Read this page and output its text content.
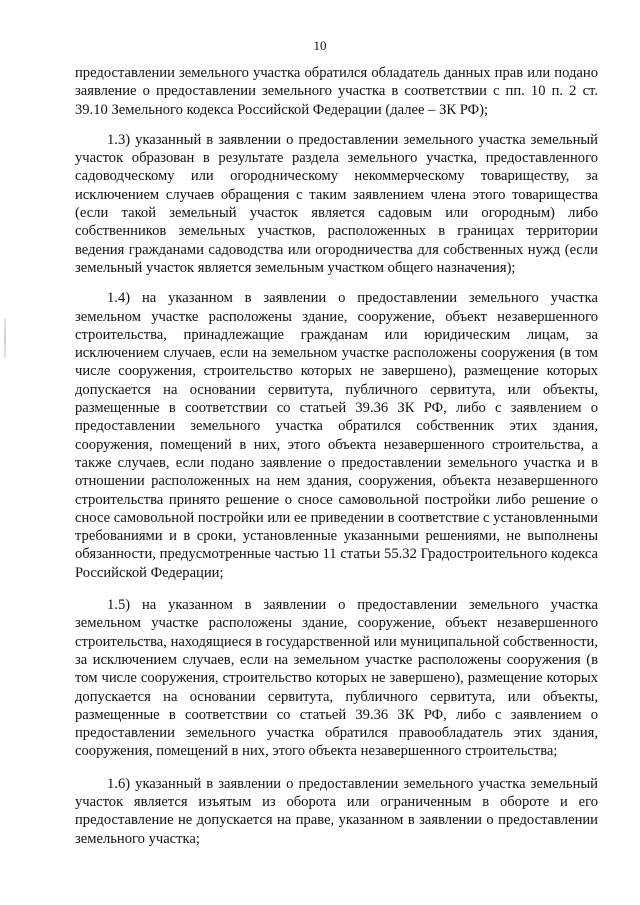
10

предоставлении земельного участка обратился обладатель данных прав или подано заявление о предоставлении земельного участка в соответствии с пп. 10 п. 2 ст. 39.10 Земельного кодекса Российской Федерации (далее – ЗК РФ);

1.3) указанный в заявлении о предоставлении земельного участка земельный участок образован в результате раздела земельного участка, предоставленного садоводческому или огородническому некоммерческому товариществу, за исключением случаев обращения с таким заявлением члена этого товарищества (если такой земельный участок является садовым или огородным) либо собственников земельных участков, расположенных в границах территории ведения гражданами садоводства или огородничества для собственных нужд (если земельный участок является земельным участком общего назначения);

1.4) на указанном в заявлении о предоставлении земельного участка земельном участке расположены здание, сооружение, объект незавершенного строительства, принадлежащие гражданам или юридическим лицам, за исключением случаев, если на земельном участке расположены сооружения (в том числе сооружения, строительство которых не завершено), размещение которых допускается на основании сервитута, публичного сервитута, или объекты, размещенные в соответствии со статьей 39.36 ЗК РФ, либо с заявлением о предоставлении земельного участка обратился собственник этих здания, сооружения, помещений в них, этого объекта незавершенного строительства, а также случаев, если подано заявление о предоставлении земельного участка и в отношении расположенных на нем здания, сооружения, объекта незавершенного строительства принято решение о сносе самовольной постройки либо решение о сносе самовольной постройки или ее приведении в соответствие с установленными требованиями и в сроки, установленные указанными решениями, не выполнены обязанности, предусмотренные частью 11 статьи 55.32 Градостроительного кодекса Российской Федерации;

1.5) на указанном в заявлении о предоставлении земельного участка земельном участке расположены здание, сооружение, объект незавершенного строительства, находящиеся в государственной или муниципальной собственности, за исключением случаев, если на земельном участке расположены сооружения (в том числе сооружения, строительство которых не завершено), размещение которых допускается на основании сервитута, публичного сервитута, или объекты, размещенные в соответствии со статьей 39.36 ЗК РФ, либо с заявлением о предоставлении земельного участка обратился правообладатель этих здания, сооружения, помещений в них, этого объекта незавершенного строительства;

1.6) указанный в заявлении о предоставлении земельного участка земельный участок является изъятым из оборота или ограниченным в обороте и его предоставление не допускается на праве, указанном в заявлении о предоставлении земельного участка;
